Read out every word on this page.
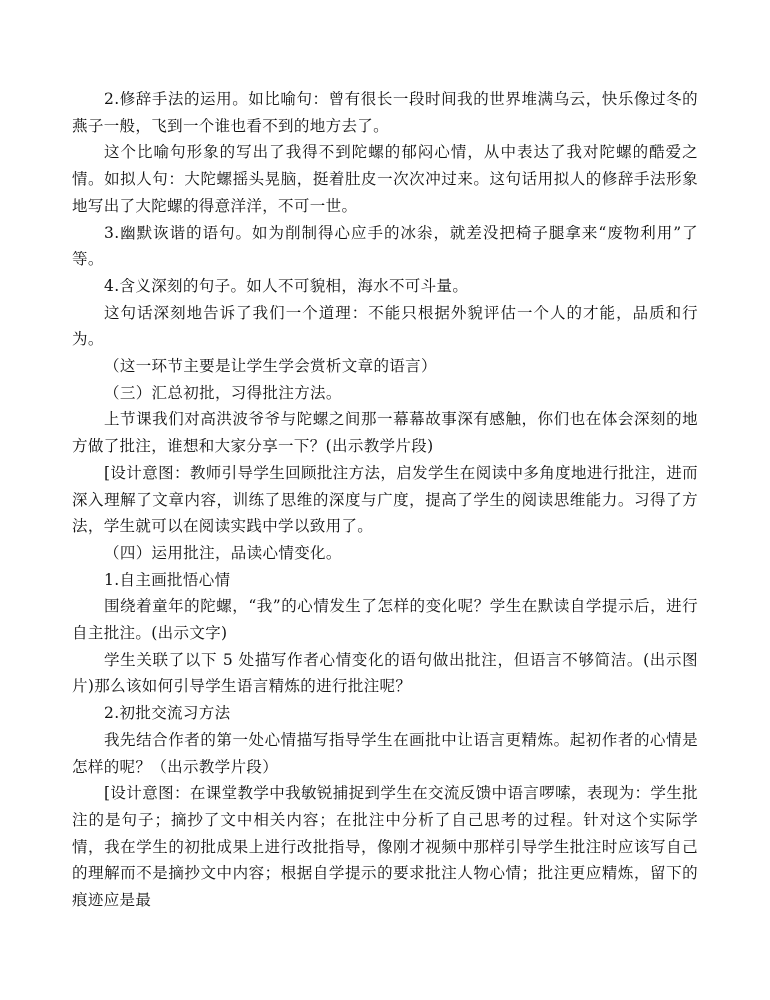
2.修辞手法的运用。如比喻句：曾有很长一段时间我的世界堆满乌云，快乐像过冬的燕子一般，飞到一个谁也看不到的地方去了。

这个比喻句形象的写出了我得不到陀螺的郁闷心情，从中表达了我对陀螺的酷爱之情。如拟人句：大陀螺摇头晃脑，挺着肚皮一次次冲过来。这句话用拟人的修辞手法形象地写出了大陀螺的得意洋洋，不可一世。

3.幽默诙谐的语句。如为削制得心应手的冰尜，就差没把椅子腿拿来“废物利用”了等。

4.含义深刻的句子。如人不可貌相，海水不可斗量。

这句话深刻地告诉了我们一个道理：不能只根据外貌评估一个人的才能，品质和行为。

（这一环节主要是让学生学会赏析文章的语言）

（三）汇总初批，习得批注方法。

上节课我们对高洪波爷爷与陀螺之间那一幕幕故事深有感触，你们也在体会深刻的地方做了批注，谁想和大家分享一下？(出示教学片段)

[设计意图：教师引导学生回顾批注方法，启发学生在阅读中多角度地进行批注，进而深入理解了文章内容，训练了思维的深度与广度，提高了学生的阅读思维能力。习得了方法，学生就可以在阅读实践中学以致用了。

（四）运用批注，品读心情变化。

1.自主画批悟心情

围绕着童年的陀螺，“我”的心情发生了怎样的变化呢？学生在默读自学提示后，进行自主批注。(出示文字)

学生关联了以下 5 处描写作者心情变化的语句做出批注，但语言不够简洁。(出示图片)那么该如何引导学生语言精炼的进行批注呢？

2.初批交流习方法

我先结合作者的第一处心情描写指导学生在画批中让语言更精炼。起初作者的心情是怎样的呢？（出示教学片段）

[设计意图：在课堂教学中我敏锐捕捉到学生在交流反馈中语言啰嗦，表现为：学生批注的是句子；摘抄了文中相关内容；在批注中分析了自己思考的过程。针对这个实际学情，我在学生的初批成果上进行改批指导，像刚才视频中那样引导学生批注时应该写自己的理解而不是摘抄文中内容；根据自学提示的要求批注人物心情；批注更应精炼，留下的痕迹应是最
